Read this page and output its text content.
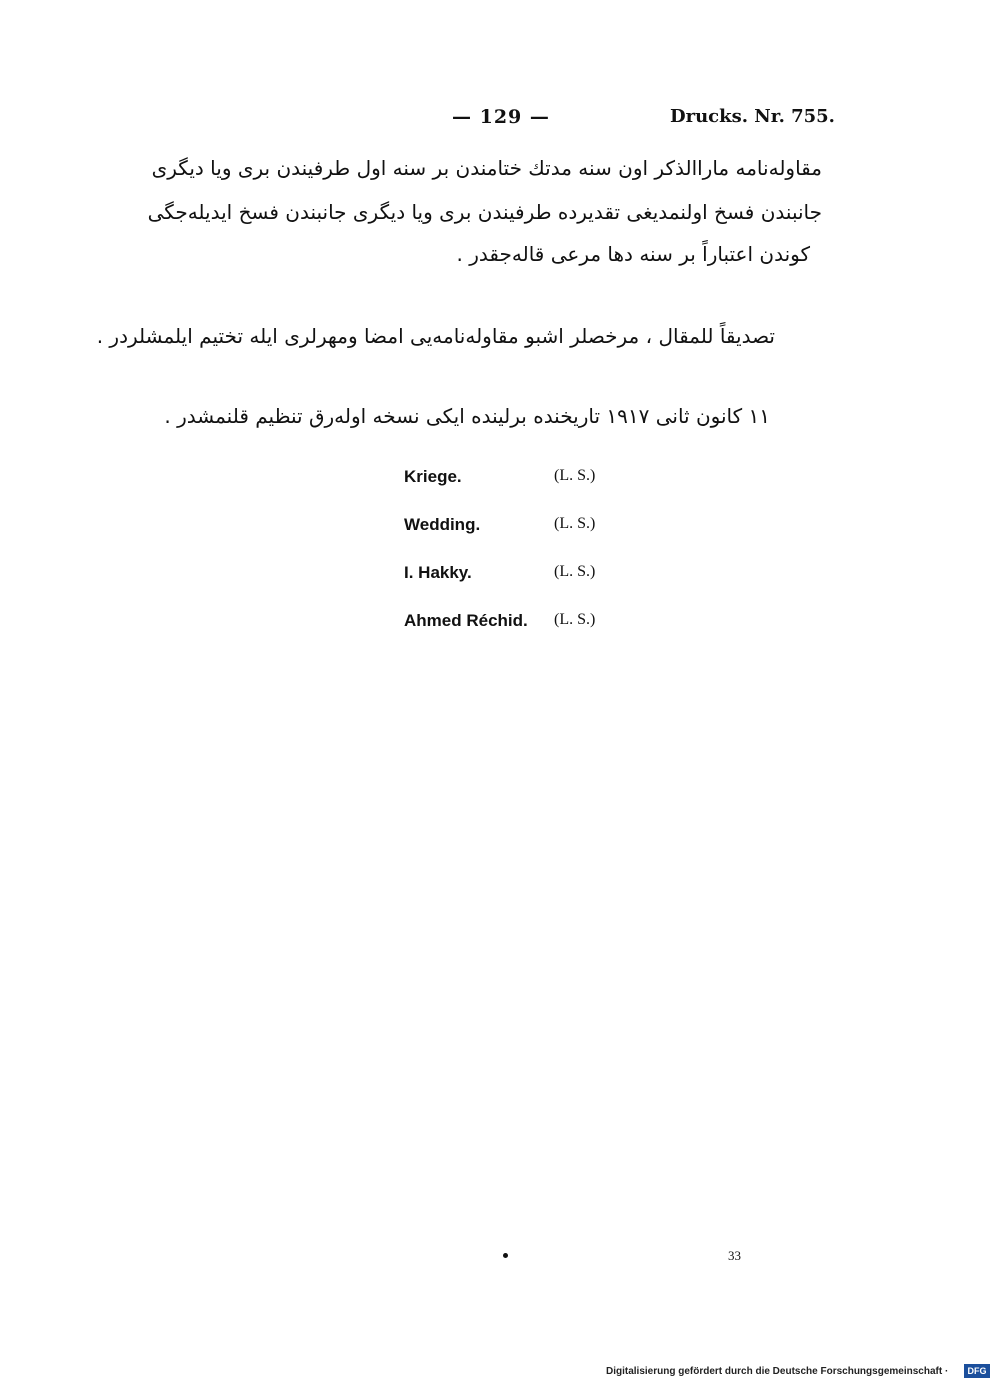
— 129 —	Drucks. Nr. 755.
مقاوله‌نامه ماراالذکر اون سنه مدتك ختامندن بر سنه اول طرفیندن بری ویا دیگری
جانبندن فسخ اولنمدیغی تقدیرده طرفیندن بری ویا دیگری جانبندن فسخ ایدیله‌جگی
کوندن اعتباراً بر سنه دها مرعی قاله‌جقدر .
تصدیقاً للمقال ، مرخصلر اشبو مقاوله‌نامه‌یی امضا ومهرلری ایله تختیم ایلمشلردر .
۱۱ کانون ثانی ۱۹۱۷ تاریخنده برلینده ایکی نسخه اوله‌رق تنظیم قلنمشدر .
Kriege.	(L. S.)
Wedding.	(L. S.)
I. Hakky.	(L. S.)
Ahmed Réchid.	(L. S.)
33
Digitalisierung gefördert durch die Deutsche Forschungsgemeinschaft ·	DFG
